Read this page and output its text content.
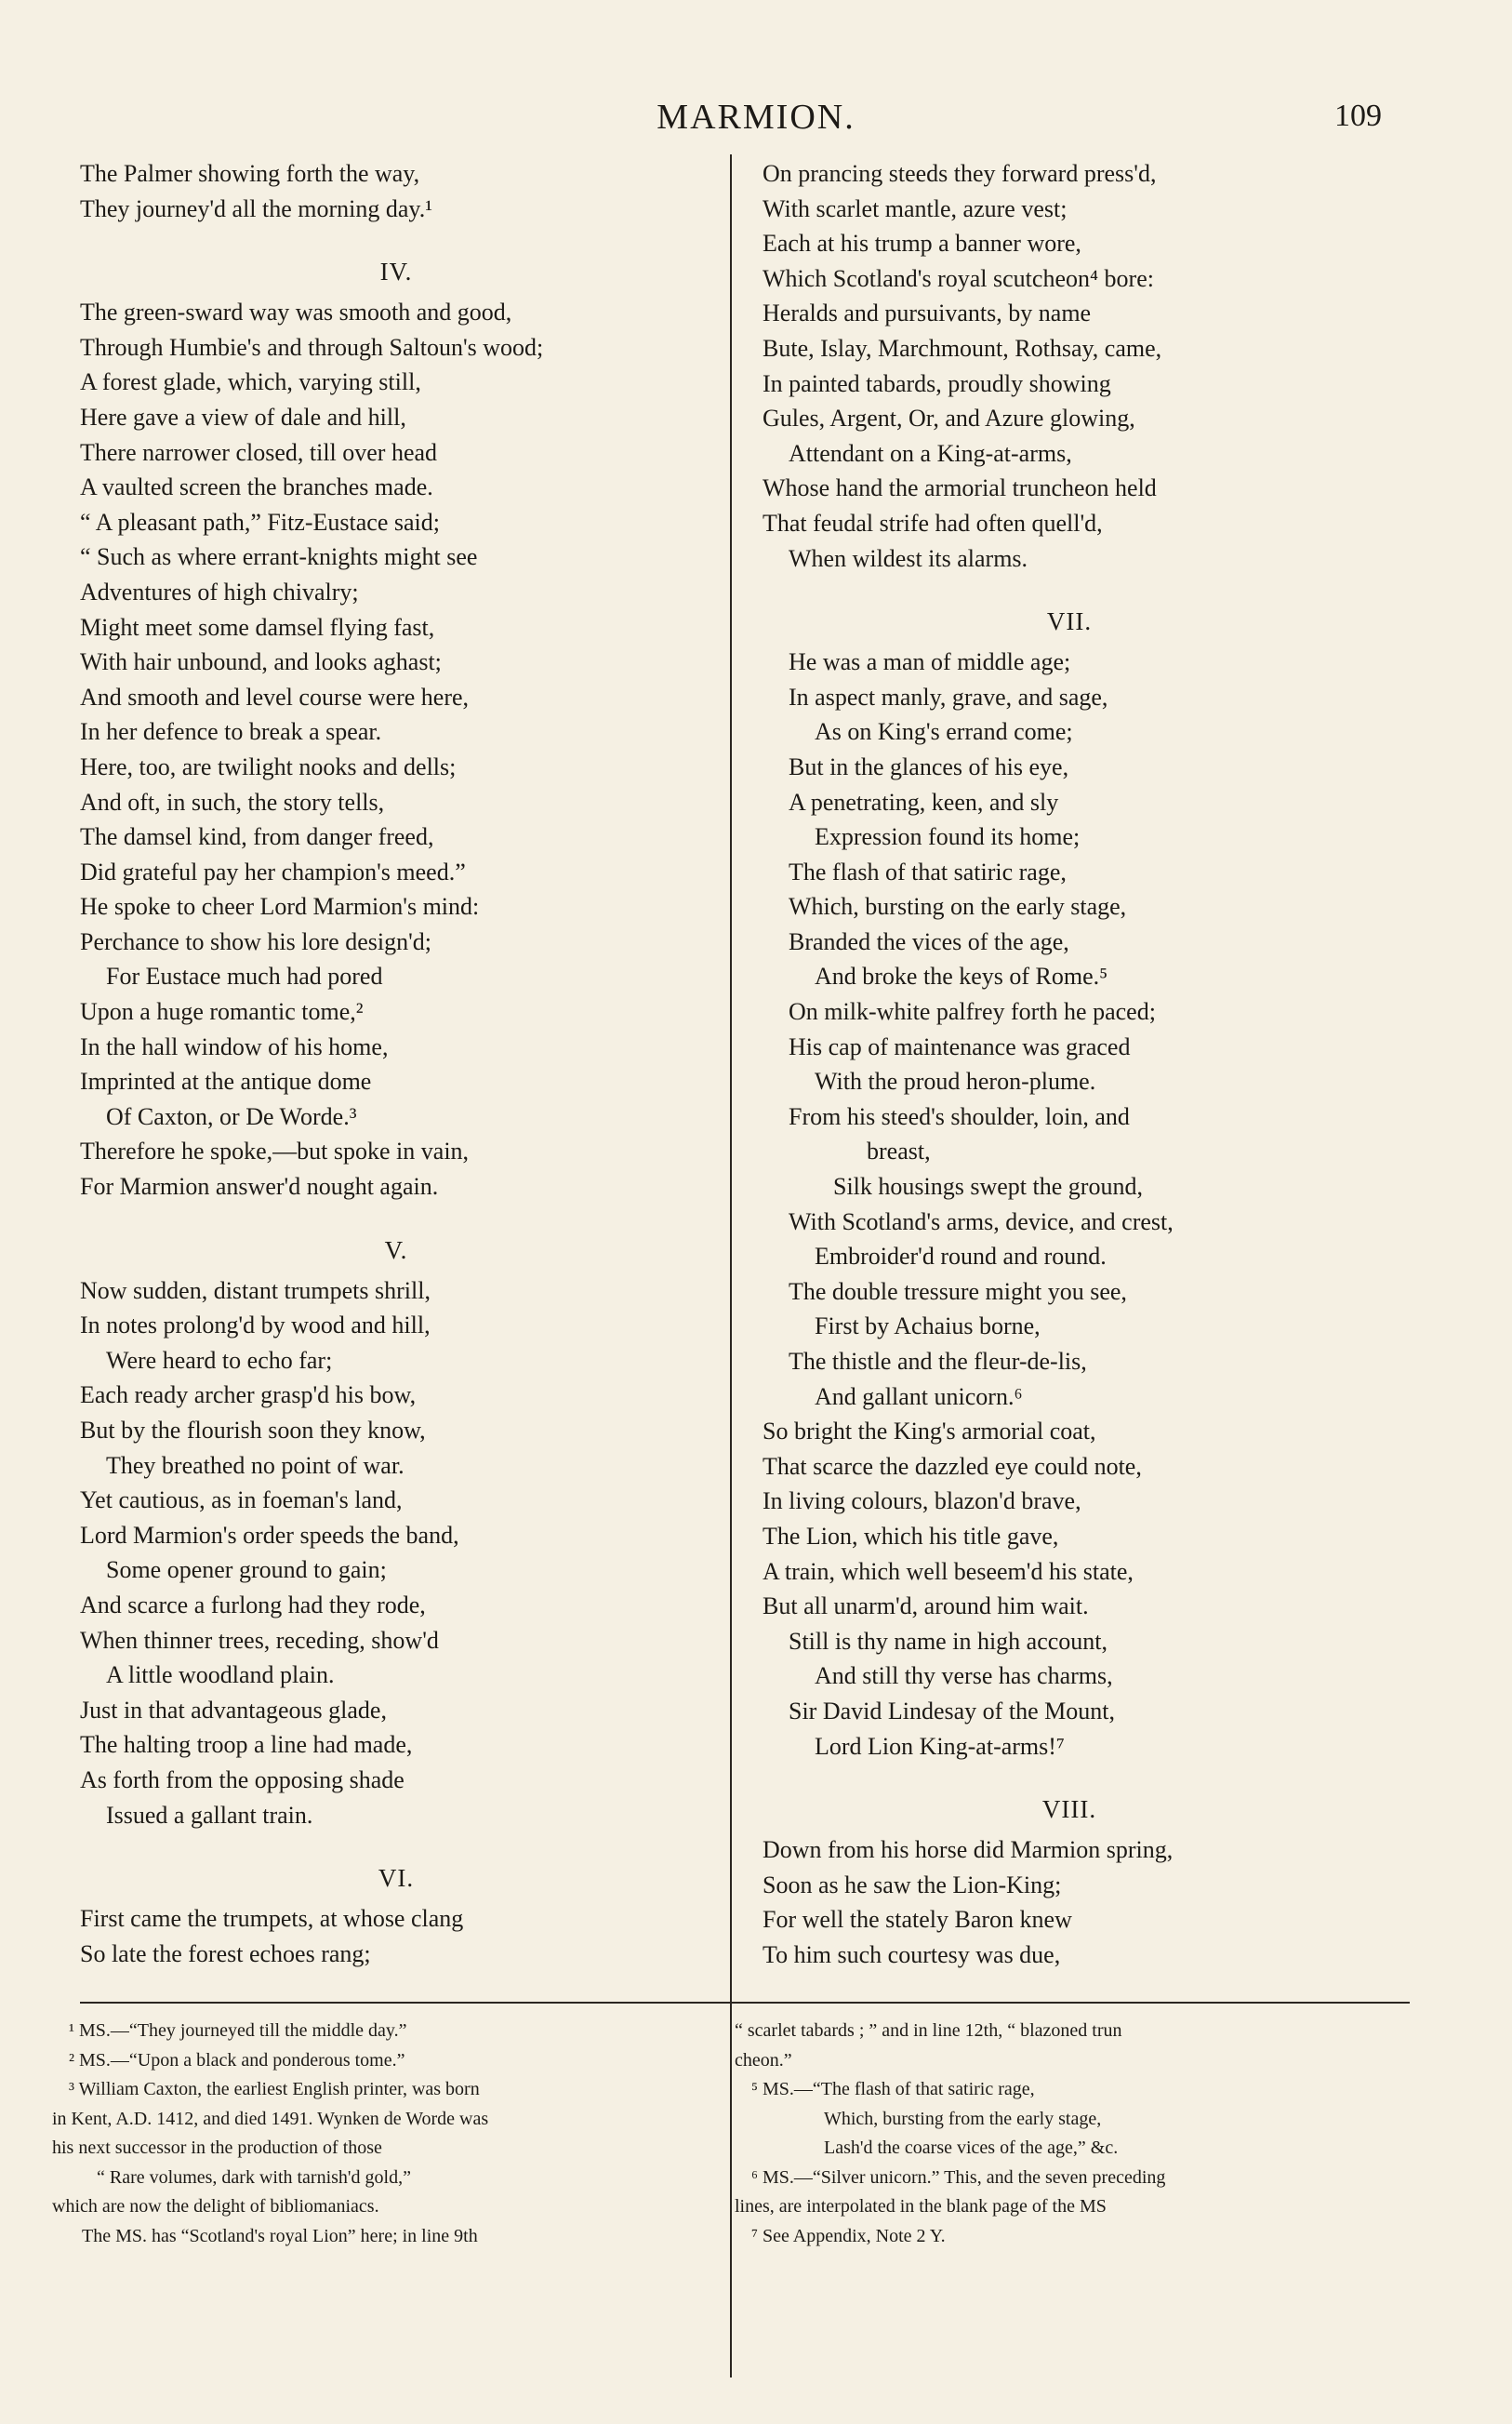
MARMION.	109
The Palmer showing forth the way,
They journey'd all the morning day.¹
IV.
The green-sward way was smooth and good,
Through Humbie's and through Saltoun's wood;
A forest glade, which, varying still,
Here gave a view of dale and hill,
There narrower closed, till over head
A vaulted screen the branches made.
“ A pleasant path,” Fitz-Eustace said;
“ Such as where errant-knights might see
Adventures of high chivalry;
Might meet some damsel flying fast,
With hair unbound, and looks aghast;
And smooth and level course were here,
In her defence to break a spear.
Here, too, are twilight nooks and dells;
And oft, in such, the story tells,
The damsel kind, from danger freed,
Did grateful pay her champion's meed.”
He spoke to cheer Lord Marmion's mind:
Perchance to show his lore design'd;
For Eustace much had pored
Upon a huge romantic tome,²
In the hall window of his home,
Imprinted at the antique dome
Of Caxton, or De Worde.³
Therefore he spoke,—but spoke in vain,
For Marmion answer'd nought again.
V.
Now sudden, distant trumpets shrill,
In notes prolong'd by wood and hill,
Were heard to echo far;
Each ready archer grasp'd his bow,
But by the flourish soon they know,
They breathed no point of war.
Yet cautious, as in foeman's land,
Lord Marmion's order speeds the band,
Some opener ground to gain;
And scarce a furlong had they rode,
When thinner trees, receding, show'd
A little woodland plain.
Just in that advantageous glade,
The halting troop a line had made,
As forth from the opposing shade
Issued a gallant train.
VI.
First came the trumpets, at whose clang
So late the forest echoes rang;
On prancing steeds they forward press'd,
With scarlet mantle, azure vest;
Each at his trump a banner wore,
Which Scotland's royal scutcheon⁴ bore:
Heralds and pursuivants, by name
Bute, Islay, Marchmount, Rothsay, came,
In painted tabards, proudly showing
Gules, Argent, Or, and Azure glowing,
Attendant on a King-at-arms,
Whose hand the armorial truncheon held
That feudal strife had often quell'd,
When wildest its alarms.
VII.
He was a man of middle age;
In aspect manly, grave, and sage,
As on King's errand come;
But in the glances of his eye,
A penetrating, keen, and sly
Expression found its home;
The flash of that satiric rage,
Which, bursting on the early stage,
Branded the vices of the age,
And broke the keys of Rome.⁵
On milk-white palfrey forth he paced;
His cap of maintenance was graced
With the proud heron-plume.
From his steed's shoulder, loin, and
breast,
Silk housings swept the ground,
With Scotland's arms, device, and crest,
Embroider'd round and round.
The double tressure might you see,
First by Achaius borne,
The thistle and the fleur-de-lis,
And gallant unicorn.⁶
So bright the King's armorial coat,
That scarce the dazzled eye could note,
In living colours, blazon'd brave,
The Lion, which his title gave,
A train, which well beseem'd his state,
But all unarm'd, around him wait.
Still is thy name in high account,
And still thy verse has charms,
Sir David Lindesay of the Mount,
Lord Lion King-at-arms!⁷
VIII.
Down from his horse did Marmion spring,
Soon as he saw the Lion-King;
For well the stately Baron knew
To him such courtesy was due,
¹ MS.—“They journeyed till the middle day.”
² MS.—“Upon a black and ponderous tome.”
³ William Caxton, the earliest English printer, was born
in Kent, A.D. 1412, and died 1491. Wynken de Worde was
his next successor in the production of those
“ Rare volumes, dark with tarnish'd gold,”
which are now the delight of bibliomaniacs.
The MS. has “Scotland's royal Lion” here; in line 9th
“ scarlet tabards ; ” and in line 12th, “ blazoned trun
cheon.”
⁵ MS.—“The flash of that satiric rage,
Which, bursting from the early stage,
Lash'd the coarse vices of the age,” &c.
⁶ MS.—“Silver unicorn.” This, and the seven preceding
lines, are interpolated in the blank page of the MS
⁷ See Appendix, Note 2 Y.
